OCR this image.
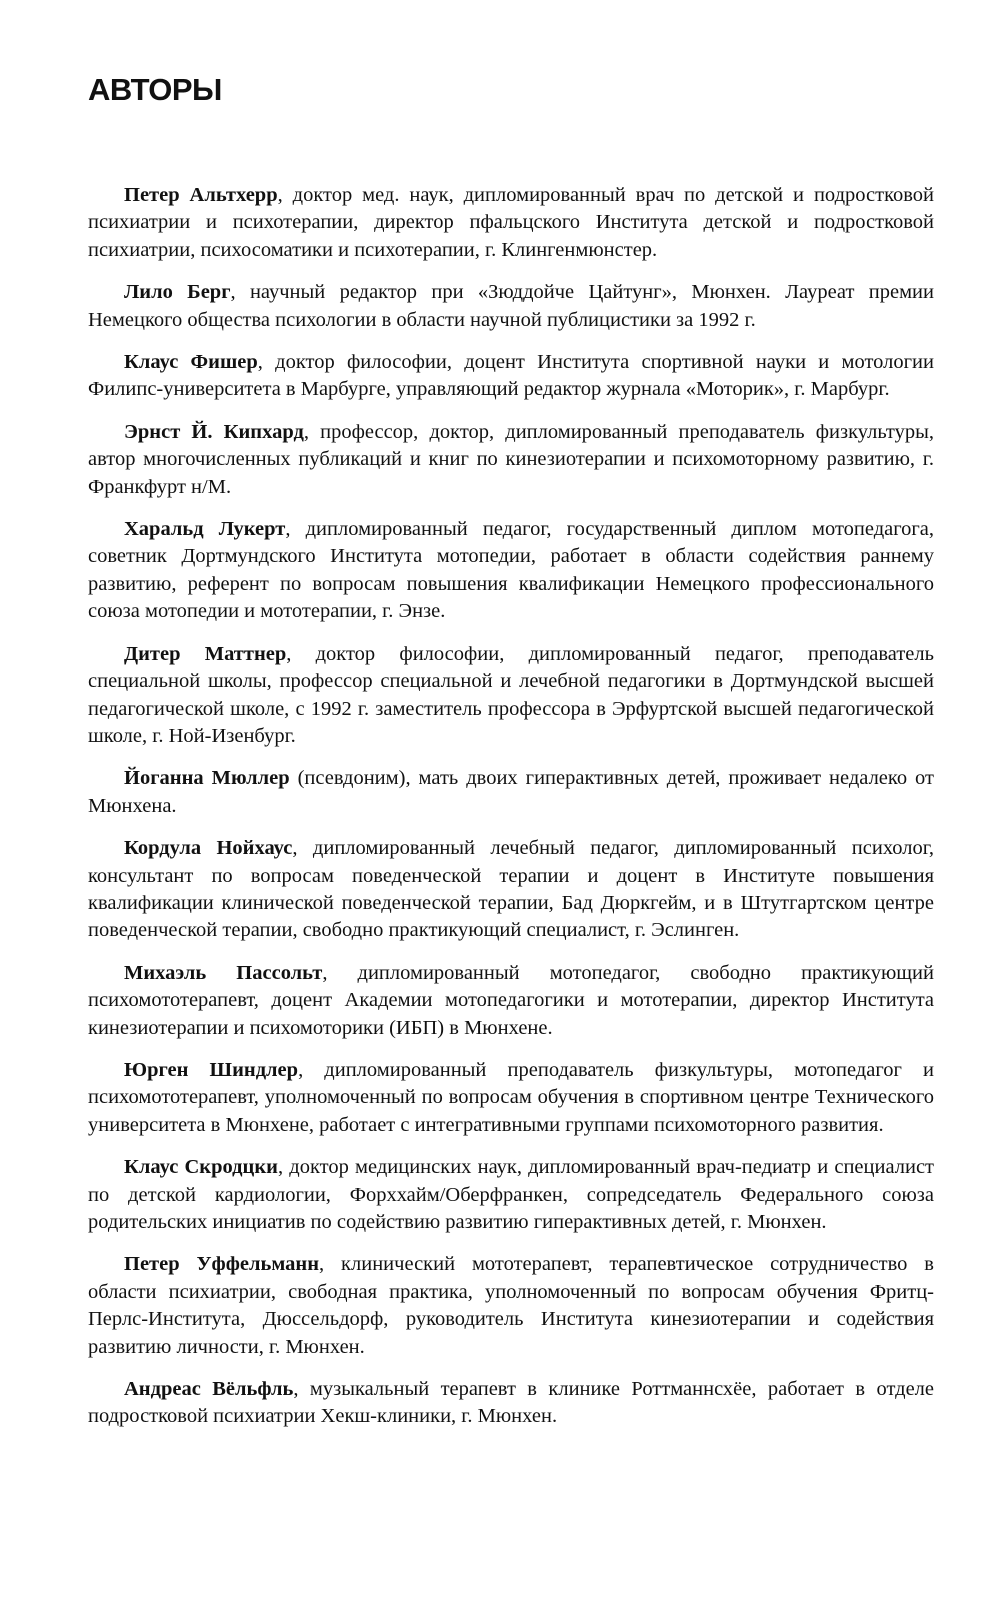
АВТОРЫ

Петер Альтхерр, доктор мед. наук, дипломированный врач по детской и подростковой психиатрии и психотерапии, директор пфальцского Института детской и подростковой психиатрии, психосоматики и психотерапии, г. Клингенмюнстер.

Лило Берг, научный редактор при «Зюддойче Цайтунг», Мюнхен. Лауреат премии Немецкого общества психологии в области научной публицистики за 1992 г.

Клаус Фишер, доктор философии, доцент Института спортивной науки и мотологии Филипс-университета в Марбурге, управляющий редактор журнала «Моторик», г. Марбург.

Эрнст Й. Кипхард, профессор, доктор, дипломированный преподаватель физкультуры, автор многочисленных публикаций и книг по кинезиотерапии и психомоторному развитию, г. Франкфурт н/М.

Харальд Лукерт, дипломированный педагог, государственный диплом мотопедагога, советник Дортмундского Института мотопедии, работает в области содействия раннему развитию, референт по вопросам повышения квалификации Немецкого профессионального союза мотопедии и мототерапии, г. Энзе.

Дитер Маттнер, доктор философии, дипломированный педагог, преподаватель специальной школы, профессор специальной и лечебной педагогики в Дортмундской высшей педагогической школе, с 1992 г. заместитель профессора в Эрфуртской высшей педагогической школе, г. Ной-Изенбург.

Йоганна Мюллер (псевдоним), мать двоих гиперактивных детей, проживает недалеко от Мюнхена.

Кордула Нойхаус, дипломированный лечебный педагог, дипломированный психолог, консультант по вопросам поведенческой терапии и доцент в Институте повышения квалификации клинической поведенческой терапии, Бад Дюркгейм, и в Штутгартском центре поведенческой терапии, свободно практикующий специалист, г. Эслинген.

Михаэль Пассольт, дипломированный мотопедагог, свободно практикующий психомототерапевт, доцент Академии мотопедагогики и мототерапии, директор Института кинезиотерапии и психомоторики (ИБП) в Мюнхене.

Юрген Шиндлер, дипломированный преподаватель физкультуры, мотопедагог и психомототерапевт, уполномоченный по вопросам обучения в спортивном центре Технического университета в Мюнхене, работает с интегративными группами психомоторного развития.

Клаус Скродцки, доктор медицинских наук, дипломированный врач-педиатр и специалист по детской кардиологии, Форххайм/Оберфранкен, сопредседатель Федерального союза родительских инициатив по содействию развитию гиперактивных детей, г. Мюнхен.

Петер Уффельманн, клинический мототерапевт, терапевтическое сотрудничество в области психиатрии, свободная практика, уполномоченный по вопросам обучения Фритц-Перлс-Института, Дюссельдорф, руководитель Института кинезиотерапии и содействия развитию личности, г. Мюнхен.

Андреас Вёльфль, музыкальный терапевт в клинике Роттманнсхёе, работает в отделе подростковой психиатрии Хекш-клиники, г. Мюнхен.
